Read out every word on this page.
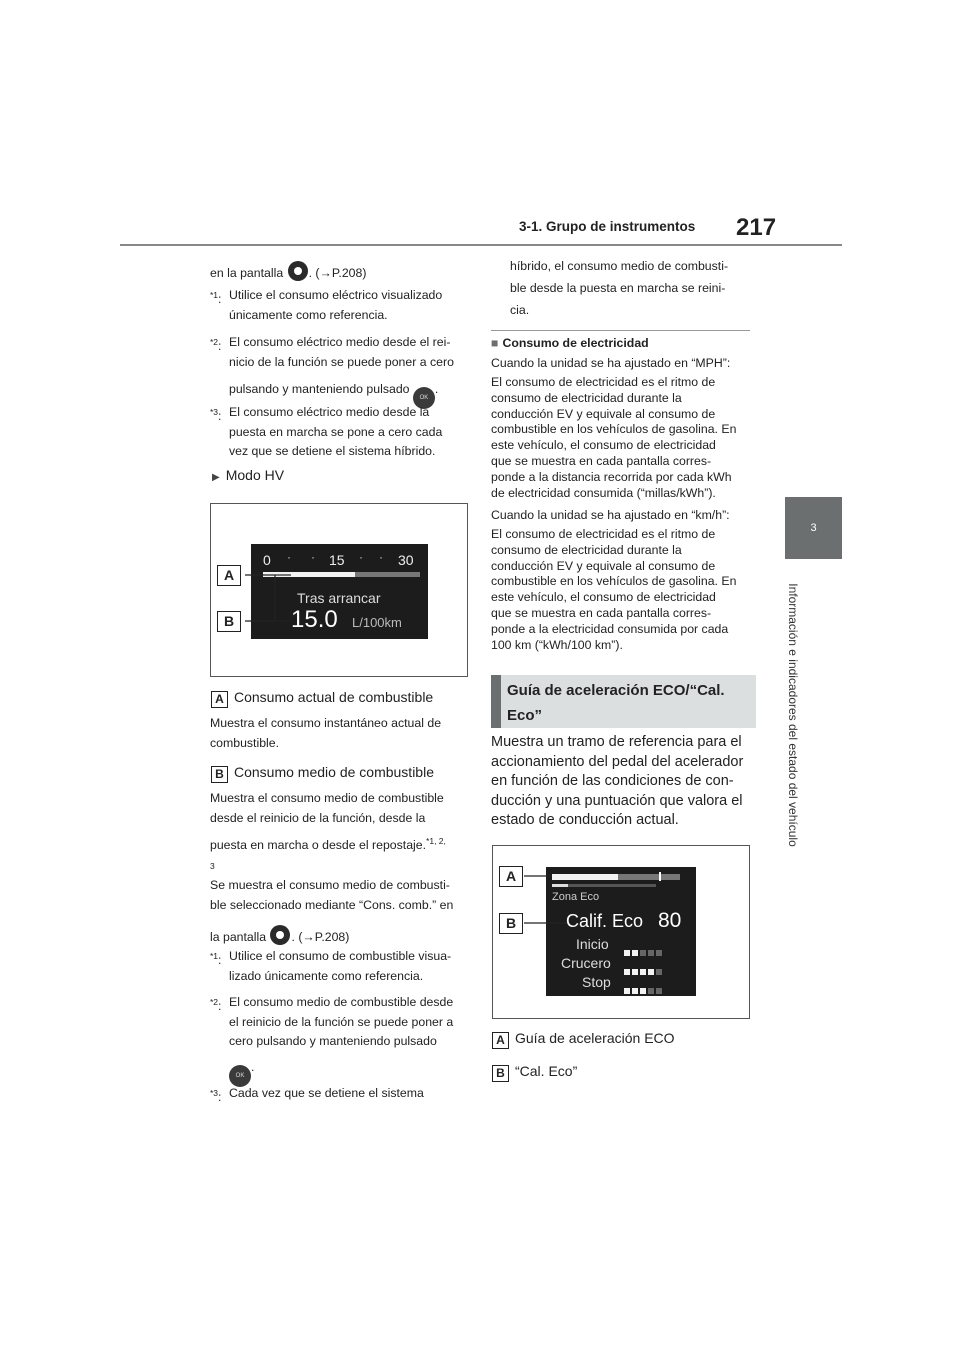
3-1. Grupo de instrumentos 217
3
Información e indicadores del estado del vehículo
en la pantalla . (→P.208)
$^{*1}$: Utilice el consumo eléctrico visualizado
únicamente como referencia.
$^{*2}$: El consumo eléctrico medio desde el rei-
nicio de la función se puede poner a cero
pulsando y manteniendo pulsado OK.
$^{*3}$: El consumo eléctrico medio desde la
puesta en marcha se pone a cero cada
vez que se detiene el sistema híbrido.
▶ Modo HV
0 · · 15 · · 30
Tras arrancar
15.0 L/100km
A
B
A Consumo actual de combustible
Muestra el consumo instantáneo actual de
combustible.
B Consumo medio de combustible
Muestra el consumo medio de combustible
desde el reinicio de la función, desde la
puesta en marcha o desde el repostaje.$^{*1, 2,}$
3
Se muestra el consumo medio de combusti-
ble seleccionado mediante “Cons. comb.” en
la pantalla . (→P.208)
$^{*1}$: Utilice el consumo de combustible visua-
lizado únicamente como referencia.
$^{*2}$: El consumo medio de combustible desde
el reinicio de la función se puede poner a
cero pulsando y manteniendo pulsado
OK.
$^{*3}$: Cada vez que se detiene el sistema
híbrido, el consumo medio de combusti-
ble desde la puesta en marcha se reini-
cia.
■ Consumo de electricidad
Cuando la unidad se ha ajustado en “MPH”:
El consumo de electricidad es el ritmo de
consumo de electricidad durante la
conducción EV y equivale al consumo de
combustible en los vehículos de gasolina. En
este vehículo, el consumo de electricidad
que se muestra en cada pantalla corres-
ponde a la distancia recorrida por cada kWh
de electricidad consumida (“millas/kWh”).
Cuando la unidad se ha ajustado en “km/h”:
El consumo de electricidad es el ritmo de
consumo de electricidad durante la
conducción EV y equivale al consumo de
combustible en los vehículos de gasolina. En
este vehículo, el consumo de electricidad
que se muestra en cada pantalla corres-
ponde a la electricidad consumida por cada
100 km (“kWh/100 km”).
Guía de aceleración ECO/“Cal.
Eco”
Muestra un tramo de referencia para el
accionamiento del pedal del acelerador
en función de las condiciones de con-
ducción y una puntuación que valora el
estado de conducción actual.
Zona Eco
Calif. Eco 80
Inicio
Crucero
Stop
A
B
A Guía de aceleración ECO
B “Cal. Eco”
